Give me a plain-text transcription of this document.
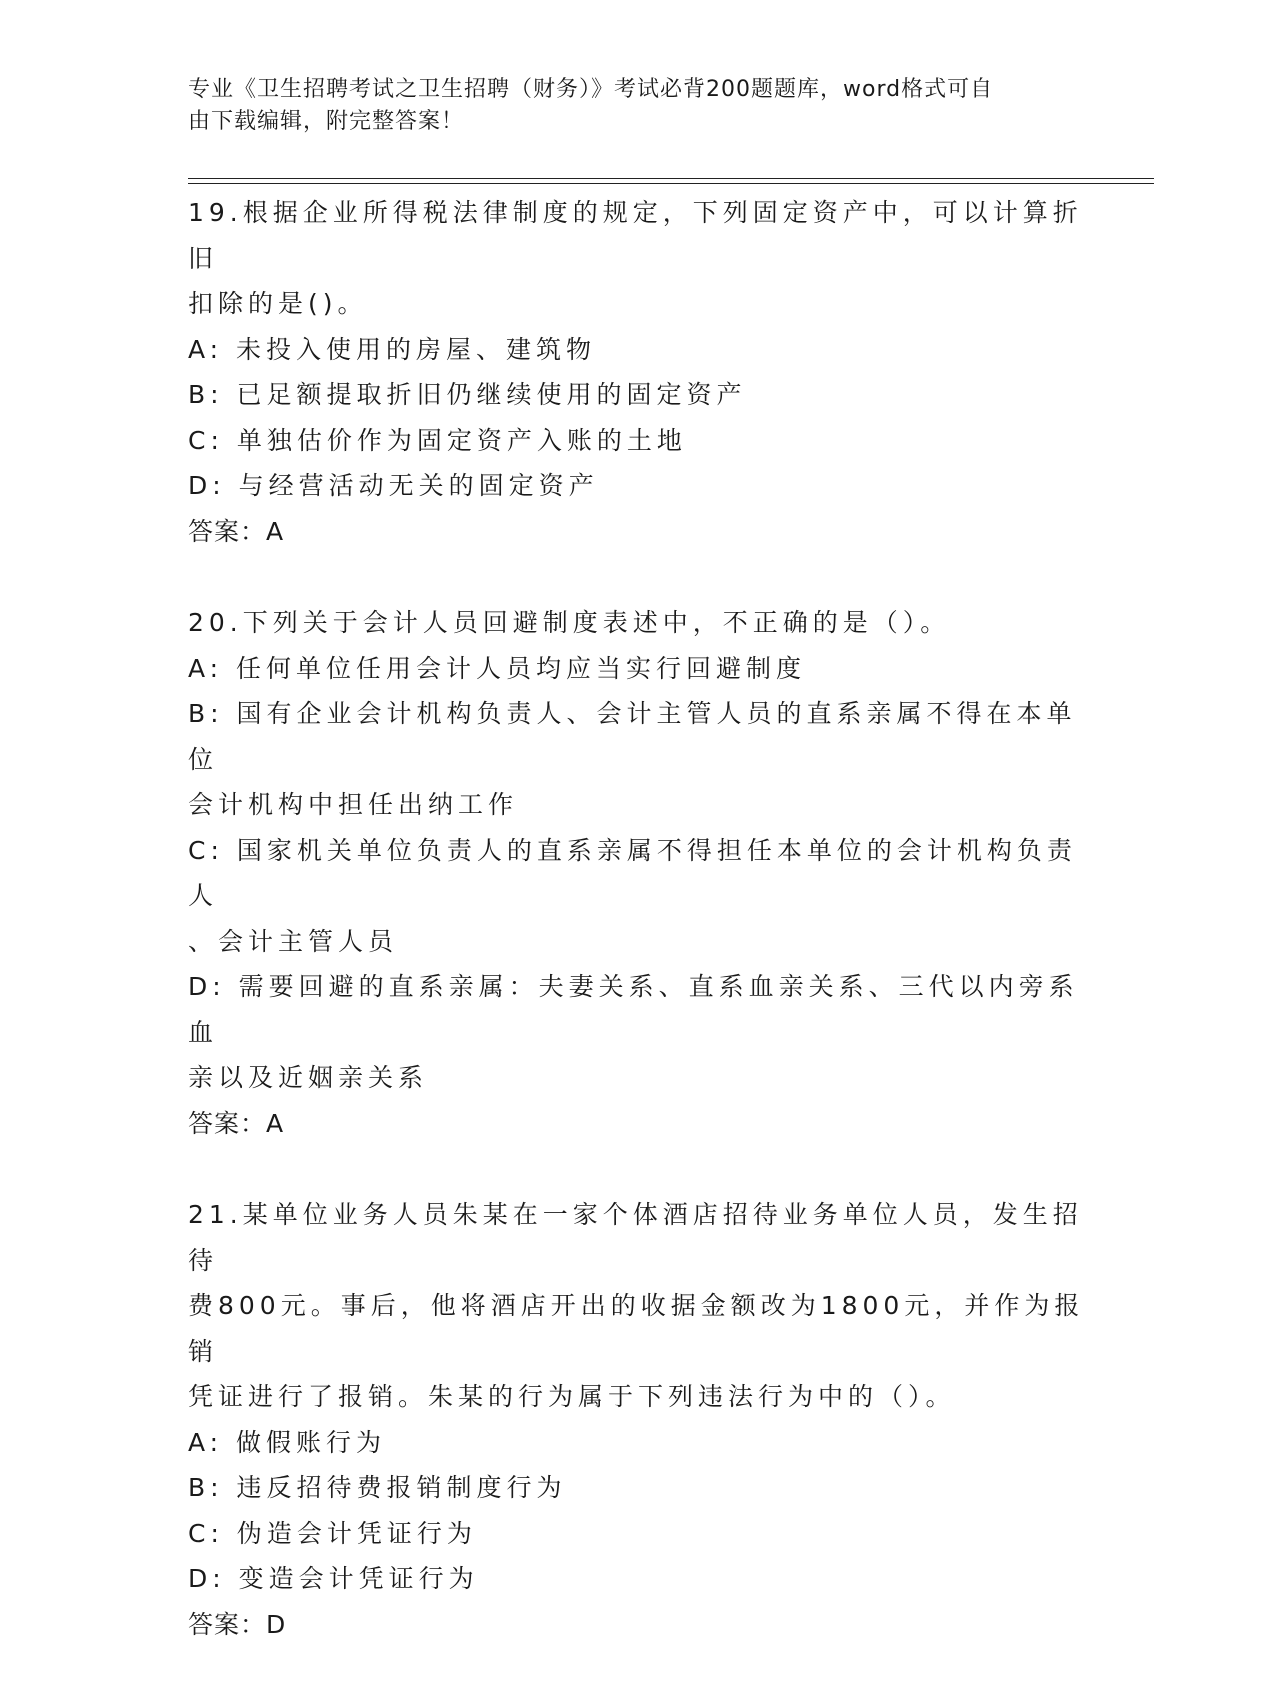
专业《卫生招聘考试之卫生招聘（财务）》考试必背200题题库，word格式可自
由下载编辑，附完整答案！

19.根据企业所得税法律制度的规定，下列固定资产中，可以计算折旧

扣除的是()。

A: 未投入使用的房屋、建筑物

B: 已足额提取折旧仍继续使用的固定资产

C: 单独估价作为固定资产入账的土地

D: 与经营活动无关的固定资产

答案：A

20.下列关于会计人员回避制度表述中，不正确的是（）。

A: 任何单位任用会计人员均应当实行回避制度

B: 国有企业会计机构负责人、会计主管人员的直系亲属不得在本单位

会计机构中担任出纳工作

C: 国家机关单位负责人的直系亲属不得担任本单位的会计机构负责人

、会计主管人员

D: 需要回避的直系亲属：夫妻关系、直系血亲关系、三代以内旁系血

亲以及近姻亲关系

答案：A

21.某单位业务人员朱某在一家个体酒店招待业务单位人员，发生招待

费800元。事后，他将酒店开出的收据金额改为1800元，并作为报销

凭证进行了报销。朱某的行为属于下列违法行为中的（）。

A: 做假账行为

B: 违反招待费报销制度行为

C: 伪造会计凭证行为

D: 变造会计凭证行为

答案：D
